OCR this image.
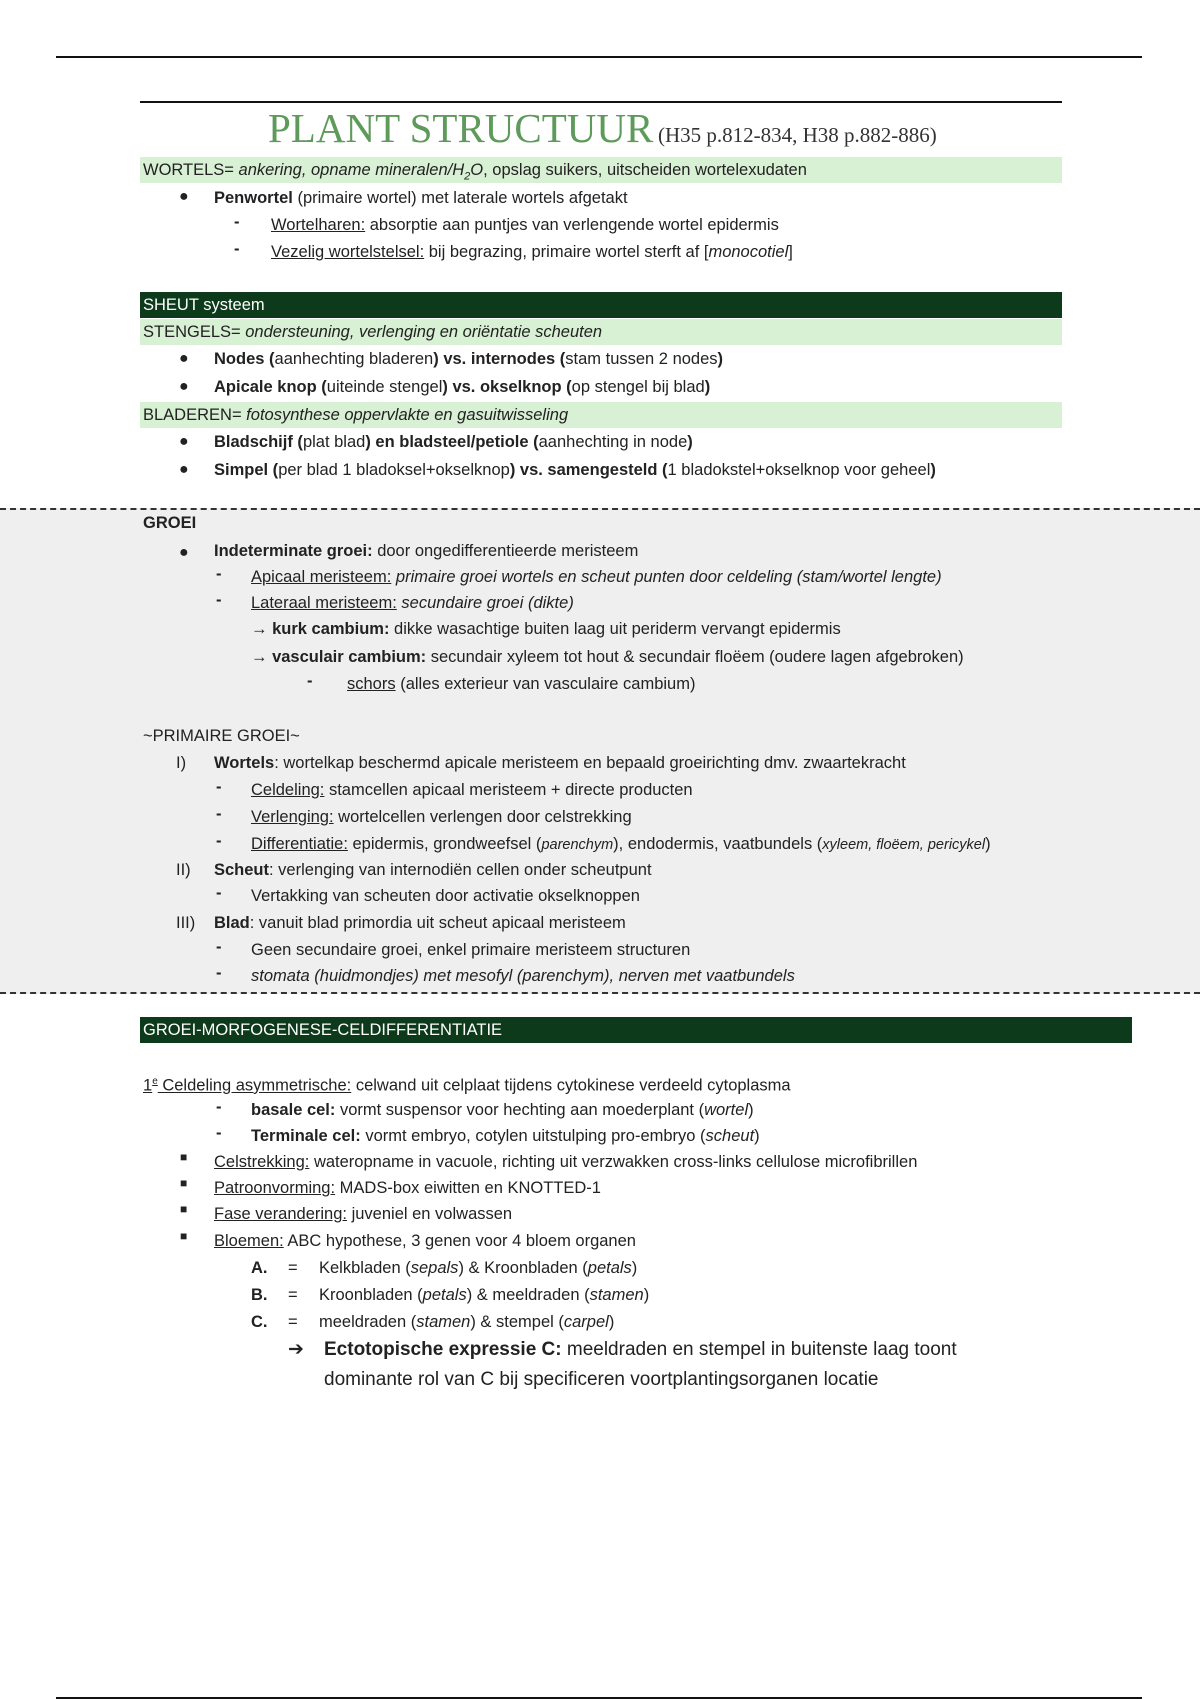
PLANT STRUCTUUR (H35 p.812-834, H38 p.882-886)
WORTELS= ankering, opname mineralen/$H_2O$, opslag suikers, uitscheiden wortelexudaten
● Penwortel (primaire wortel) met laterale wortels afgetakt
- Wortelharen: absorptie aan puntjes van verlengende wortel epidermis
- Vezelig wortelstelsel: bij begrazing, primaire wortel sterft af [monocotiel]
SHEUT systeem
STENGELS= ondersteuning, verlenging en oriëntatie scheuten
● Nodes (aanhechting bladeren) vs. internodes (stam tussen 2 nodes)
● Apicale knop (uiteinde stengel) vs. okselknop (op stengel bij blad)
BLADEREN= fotosynthese oppervlakte en gasuitwisseling
● Bladschijf (plat blad) en bladsteel/petiole (aanhechting in node)
● Simpel (per blad 1 bladoksel+okselknop) vs. samengesteld (1 bladokstel+okselknop voor geheel)
GROEI
● Indeterminate groei: door ongedifferentieerde meristeem
- Apicaal meristeem: primaire groei wortels en scheut punten door celdeling (stam/wortel lengte)
- Lateraal meristeem: secundaire groei (dikte)
→ kurk cambium: dikke wasachtige buiten laag uit periderm vervangt epidermis
→ vasculair cambium: secundair xyleem tot hout & secundair floëem (oudere lagen afgebroken)
- schors (alles exterieur van vasculaire cambium)
~PRIMAIRE GROEI~
I) Wortels: wortelkap beschermd apicale meristeem en bepaald groeirichting dmv. zwaartekracht
- Celdeling: stamcellen apicaal meristeem + directe producten
- Verlenging: wortelcellen verlengen door celstrekking
- Differentiatie: epidermis, grondweefsel (parenchym), endodermis, vaatbundels (xyleem, floëem, pericykel)
II) Scheut: verlenging van internodiën cellen onder scheutpunt
- Vertakking van scheuten door activatie okselknoppen
III) Blad: vanuit blad primordia uit scheut apicaal meristeem
- Geen secundaire groei, enkel primaire meristeem structuren
- stomata (huidmondjes) met mesofyl (parenchym), nerven met vaatbundels
GROEI-MORFOGENESE-CELDIFFERENTIATIE
1e Celdeling asymmetrische: celwand uit celplaat tijdens cytokinese verdeeld cytoplasma
- basale cel: vormt suspensor voor hechting aan moederplant (wortel)
- Terminale cel: vormt embryo, cotylen uitstulping pro-embryo (scheut)
■ Celstrekking: wateropname in vacuole, richting uit verzwakken cross-links cellulose microfibrillen
■ Patroonvorming: MADS-box eiwitten en KNOTTED-1
■ Fase verandering: juveniel en volwassen
■ Bloemen: ABC hypothese, 3 genen voor 4 bloem organen
A. = Kelkbladen (sepals) & Kroonbladen (petals)
B. = Kroonbladen (petals) & meeldraden (stamen)
C. = meeldraden (stamen) & stempel (carpel)
➔ Ectotopische expressie C: meeldraden en stempel in buitenste laag toont
dominante rol van C bij specificeren voortplantingsorganen locatie
